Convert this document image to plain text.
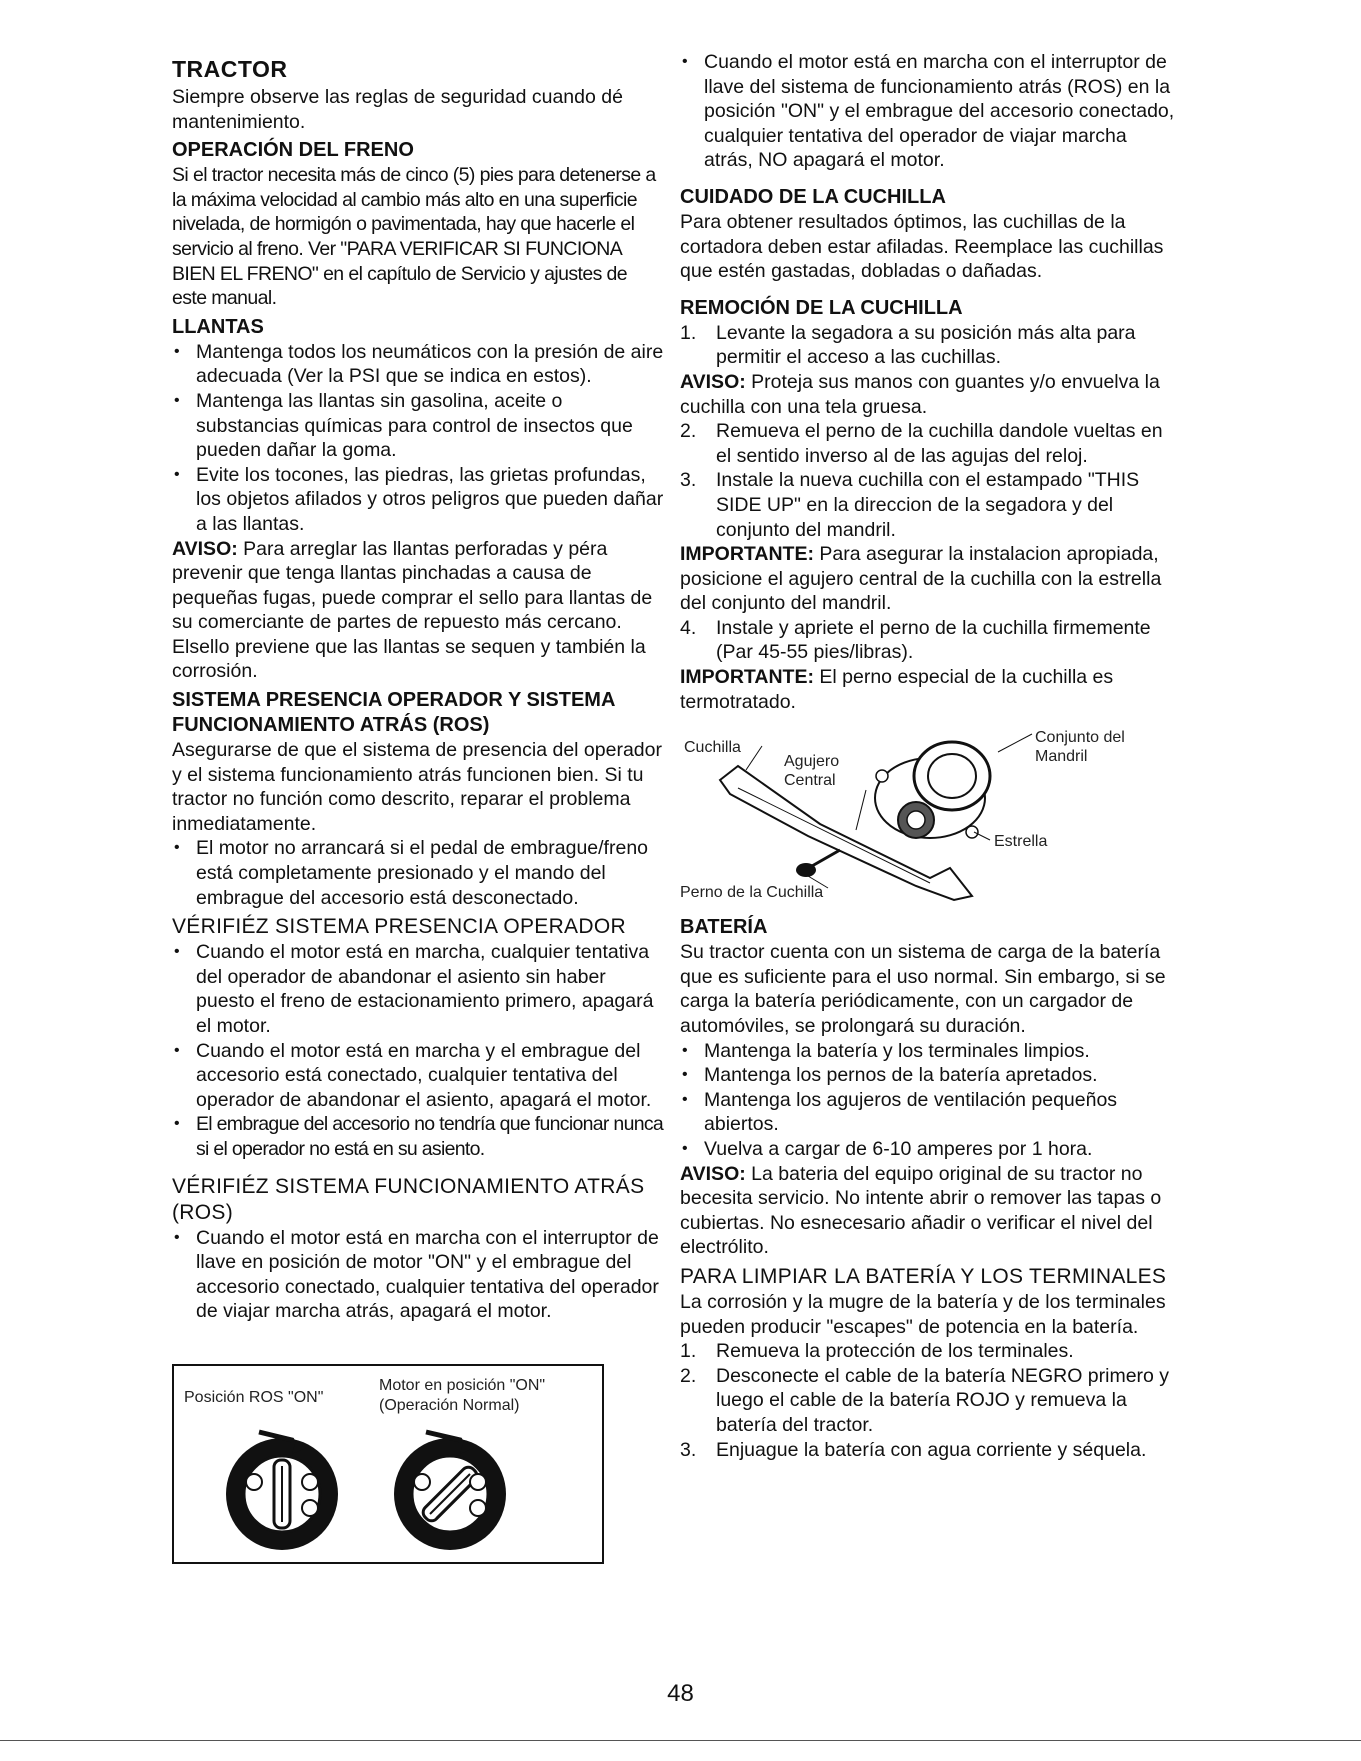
TRACTOR

Siempre observe las reglas de seguridad cuando dé mantenimiento.

OPERACIÓN DEL FRENO

Si el tractor necesita más de cinco (5) pies para detenerse a la máxima velocidad al cambio más alto en una superficie nivelada, de hormigón o pavimentada, hay que hacerle el servicio al freno. Ver "PARA VERIFICAR SI FUNCIONA BIEN EL FRENO" en el capítulo de Servicio y ajustes de este manual.

LLANTAS
• Mantenga todos los neumáticos con la presión de aire adecuada (Ver la PSI que se indica en estos).
• Mantenga las llantas sin gasolina, aceite o substancias químicas para control de insectos que pueden dañar la goma.
• Evite los tocones, las piedras, las grietas profundas, los objetos afilados y otros peligros que pueden dañar a las llantas.

AVISO: Para arreglar las llantas perforadas y péra prevenir que tenga llantas pinchadas a causa de pequeñas fugas, puede comprar el sello para llantas de su comerciante de partes de repuesto más cercano. Elsello previene que las llantas se sequen y también la corrosión.

SISTEMA PRESENCIA OPERADOR Y SISTEMA FUNCIONAMIENTO ATRÁS (ROS)

Asegurarse de que el sistema de presencia del operador y el sistema funcionamiento atrás funcionen bien. Si tu tractor no función como descrito, reparar el problema inmediatamente.

• El motor no arrancará si el pedal de embrague/freno está completamente presionado y el mando del embrague del accesorio está desconectado.
VÉRIFIÉZ SISTEMA PRESENCIA OPERADOR
• Cuando el motor está en marcha, cualquier tentativa del operador de abandonar el asiento sin haber puesto el freno de estacionamiento primero, apagará el motor.
• Cuando el motor está en marcha y el embrague del accesorio está conectado, cualquier tentativa del operador de abandonar el asiento, apagará el motor.
• El embrague del accesorio no tendría que funcionar nunca si el operador no está en su asiento.
VÉRIFIÉZ SISTEMA FUNCIONAMIENTO ATRÁS (ROS)
• Cuando el motor está en marcha con el interruptor de llave en posición de motor "ON" y el embrague del accesorio conectado, cualquier tentativa del operador de viajar marcha atrás, apagará el motor.
Posición ROS "ON"
Motor en posición "ON"
(Operación Normal)
• Cuando el motor está en marcha con el interruptor de llave del sistema de funcionamiento atrás (ROS) en la posición "ON" y el embrague del accesorio conectado, cualquier tentativa del operador de viajar marcha atrás, NO apagará el motor.
CUIDADO DE LA CUCHILLA

Para obtener resultados óptimos, las cuchillas de la cortadora deben estar afiladas. Reemplace las cuchillas que estén gastadas, dobladas o dañadas.

REMOCIÓN DE LA CUCHILLA
1. Levante la segadora a su posición más alta para permitir el acceso a las cuchillas.

AVISO: Proteja sus manos con guantes y/o envuelva la cuchilla con una tela gruesa.

2. Remueva el perno de la cuchilla dandole vueltas en el sentido inverso al de las agujas del reloj.
3. Instale la nueva cuchilla con el estampado "THIS SIDE UP" en la direccion de la segadora y del conjunto del mandril.

IMPORTANTE: Para asegurar la instalacion apropiada, posicione el agujero central de la cuchilla con la estrella del conjunto del mandril.

4. Instale y apriete el perno de la cuchilla firmemente (Par 45-55 pies/libras).

IMPORTANTE: El perno especial de la cuchilla es termotratado.

Cuchilla
Agujero
Central
Conjunto del
Mandril
Estrella
Perno de la Cuchilla
BATERÍA

Su tractor cuenta con un sistema de carga de la batería que es suficiente para el uso normal. Sin embargo, si se carga la batería periódicamente, con un cargador de automóviles, se prolongará su duración.

• Mantenga la batería y los terminales limpios.
• Mantenga los pernos de la batería apretados.
• Mantenga los agujeros de ventilación pequeños abiertos.
• Vuelva a cargar de 6-10 amperes por 1 hora.

AVISO: La bateria del equipo original de su tractor no becesita servicio. No intente abrir o remover las tapas o cubiertas. No esnecesario añadir o verificar el nivel del electrólito.

PARA LIMPIAR LA BATERÍA Y LOS TERMINALES

La corrosión y la mugre de la batería y de los terminales pueden producir "escapes" de potencia en la batería.

1. Remueva la protección de los terminales.
2. Desconecte el cable de la batería NEGRO primero y luego el cable de la batería ROJO y remueva la batería del tractor.
3. Enjuague la batería con agua corriente y séquela.
48
